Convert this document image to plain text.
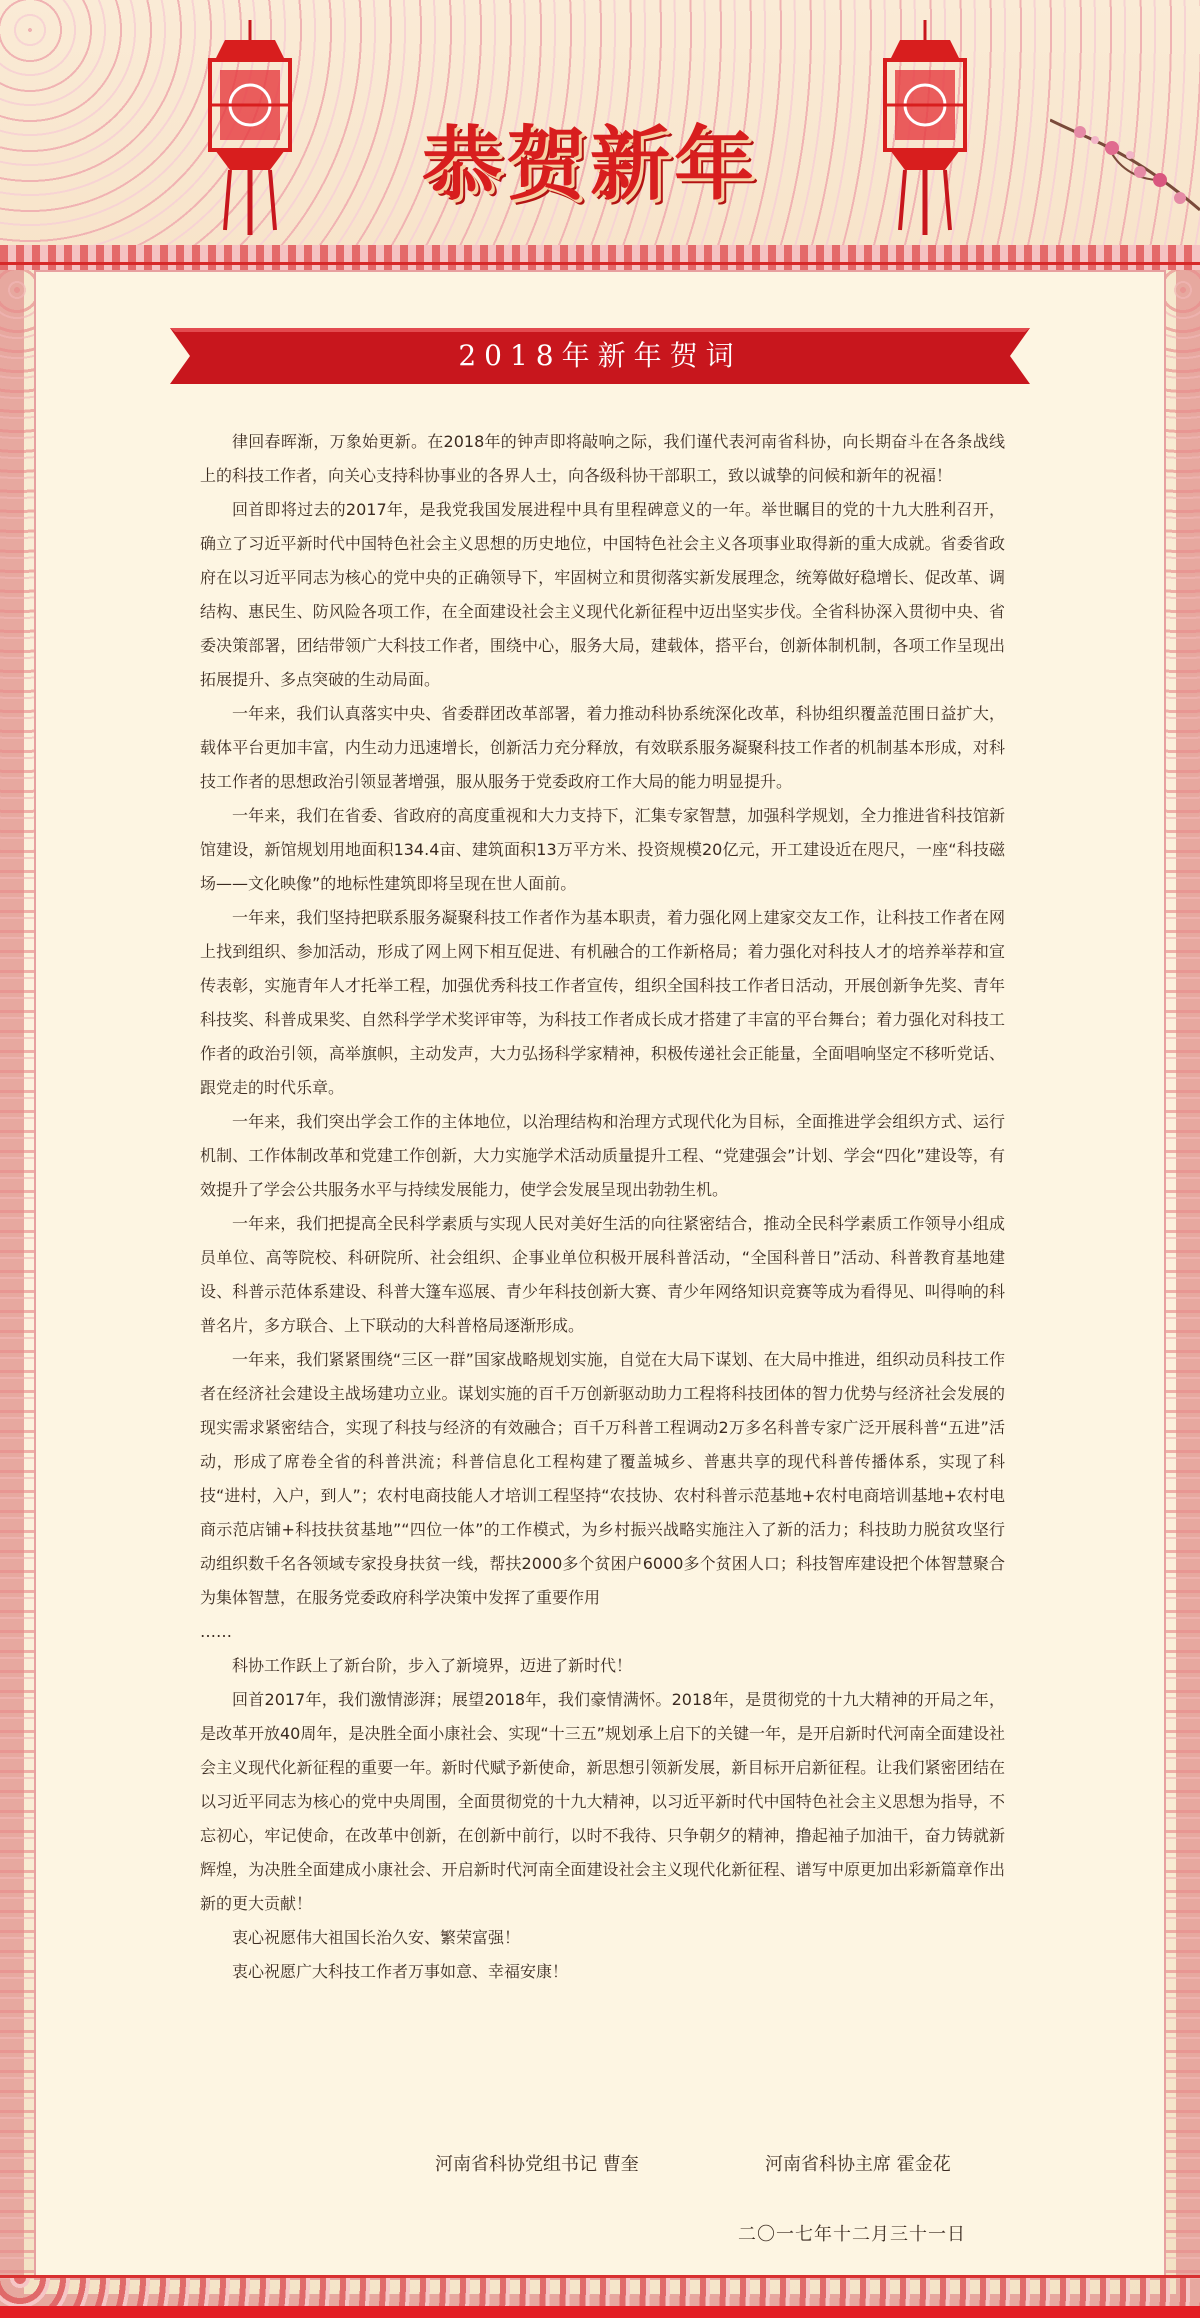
恭贺新年
2018年新年贺词

律回春晖渐，万象始更新。在2018年的钟声即将敲响之际，我们谨代表河南省科协，向长期奋斗在各条战线上的科技工作者，向关心支持科协事业的各界人士，向各级科协干部职工，致以诚挚的问候和新年的祝福！

回首即将过去的2017年，是我党我国发展进程中具有里程碑意义的一年。举世瞩目的党的十九大胜利召开，确立了习近平新时代中国特色社会主义思想的历史地位，中国特色社会主义各项事业取得新的重大成就。省委省政府在以习近平同志为核心的党中央的正确领导下，牢固树立和贯彻落实新发展理念，统筹做好稳增长、促改革、调结构、惠民生、防风险各项工作，在全面建设社会主义现代化新征程中迈出坚实步伐。全省科协深入贯彻中央、省委决策部署，团结带领广大科技工作者，围绕中心，服务大局，建载体，搭平台，创新体制机制，各项工作呈现出拓展提升、多点突破的生动局面。

一年来，我们认真落实中央、省委群团改革部署，着力推动科协系统深化改革，科协组织覆盖范围日益扩大，载体平台更加丰富，内生动力迅速增长，创新活力充分释放，有效联系服务凝聚科技工作者的机制基本形成，对科技工作者的思想政治引领显著增强，服从服务于党委政府工作大局的能力明显提升。

一年来，我们在省委、省政府的高度重视和大力支持下，汇集专家智慧，加强科学规划，全力推进省科技馆新馆建设，新馆规划用地面积134.4亩、建筑面积13万平方米、投资规模20亿元，开工建设近在咫尺，一座“科技磁场——文化映像”的地标性建筑即将呈现在世人面前。

一年来，我们坚持把联系服务凝聚科技工作者作为基本职责，着力强化网上建家交友工作，让科技工作者在网上找到组织、参加活动，形成了网上网下相互促进、有机融合的工作新格局；着力强化对科技人才的培养举荐和宣传表彰，实施青年人才托举工程，加强优秀科技工作者宣传，组织全国科技工作者日活动，开展创新争先奖、青年科技奖、科普成果奖、自然科学学术奖评审等，为科技工作者成长成才搭建了丰富的平台舞台；着力强化对科技工作者的政治引领，高举旗帜，主动发声，大力弘扬科学家精神，积极传递社会正能量，全面唱响坚定不移听党话、跟党走的时代乐章。

一年来，我们突出学会工作的主体地位，以治理结构和治理方式现代化为目标，全面推进学会组织方式、运行机制、工作体制改革和党建工作创新，大力实施学术活动质量提升工程、“党建强会”计划、学会“四化”建设等，有效提升了学会公共服务水平与持续发展能力，使学会发展呈现出勃勃生机。

一年来，我们把提高全民科学素质与实现人民对美好生活的向往紧密结合，推动全民科学素质工作领导小组成员单位、高等院校、科研院所、社会组织、企事业单位积极开展科普活动，“全国科普日”活动、科普教育基地建设、科普示范体系建设、科普大篷车巡展、青少年科技创新大赛、青少年网络知识竞赛等成为看得见、叫得响的科普名片，多方联合、上下联动的大科普格局逐渐形成。

一年来，我们紧紧围绕“三区一群”国家战略规划实施，自觉在大局下谋划、在大局中推进，组织动员科技工作者在经济社会建设主战场建功立业。谋划实施的百千万创新驱动助力工程将科技团体的智力优势与经济社会发展的现实需求紧密结合，实现了科技与经济的有效融合；百千万科普工程调动2万多名科普专家广泛开展科普“五进”活动，形成了席卷全省的科普洪流；科普信息化工程构建了覆盖城乡、普惠共享的现代科普传播体系，实现了科技“进村，入户，到人”；农村电商技能人才培训工程坚持“农技协、农村科普示范基地+农村电商培训基地+农村电商示范店铺+科技扶贫基地”“四位一体”的工作模式，为乡村振兴战略实施注入了新的活力；科技助力脱贫攻坚行动组织数千名各领域专家投身扶贫一线，帮扶2000多个贫困户6000多个贫困人口；科技智库建设把个体智慧聚合为集体智慧，在服务党委政府科学决策中发挥了重要作用

……

科协工作跃上了新台阶，步入了新境界，迈进了新时代！

回首2017年，我们激情澎湃；展望2018年，我们豪情满怀。2018年，是贯彻党的十九大精神的开局之年，是改革开放40周年，是决胜全面小康社会、实现“十三五”规划承上启下的关键一年，是开启新时代河南全面建设社会主义现代化新征程的重要一年。新时代赋予新使命，新思想引领新发展，新目标开启新征程。让我们紧密团结在以习近平同志为核心的党中央周围，全面贯彻党的十九大精神，以习近平新时代中国特色社会主义思想为指导，不忘初心，牢记使命，在改革中创新，在创新中前行，以时不我待、只争朝夕的精神，撸起袖子加油干，奋力铸就新辉煌，为决胜全面建成小康社会、开启新时代河南全面建设社会主义现代化新征程、谱写中原更加出彩新篇章作出新的更大贡献！

衷心祝愿伟大祖国长治久安、繁荣富强！

衷心祝愿广大科技工作者万事如意、幸福安康！

河南省科协党组书记 曹奎	河南省科协主席 霍金花
二〇一七年十二月三十一日
